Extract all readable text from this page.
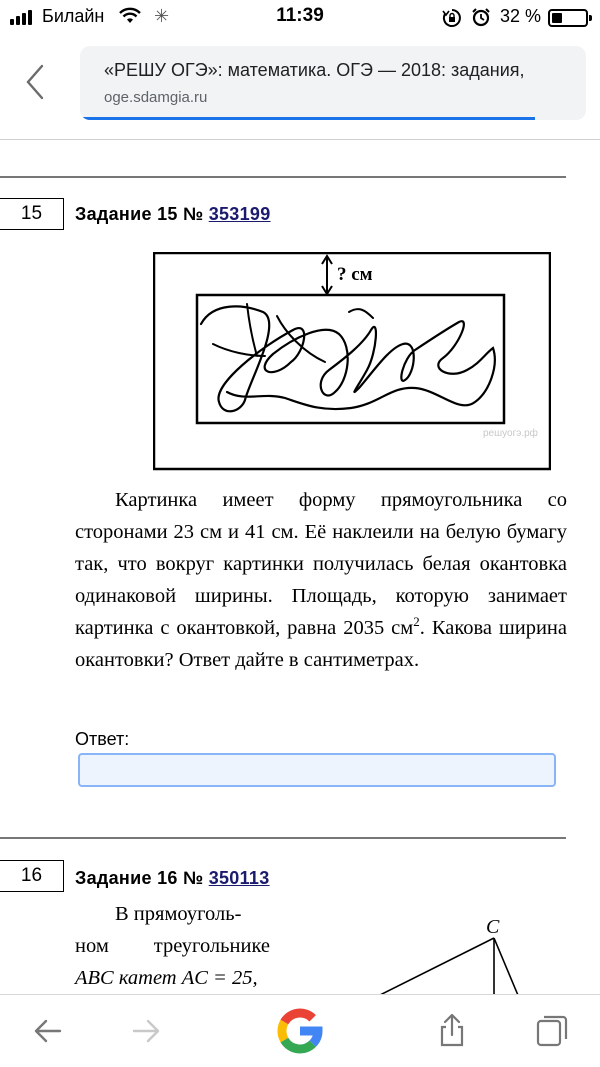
Билайн	✳	11:39	32 %
«РЕШУ ОГЭ»: математика. ОГЭ — 2018: задания,
oge.sdamgia.ru
15	Задание 15 № 353199
? см
решуогэ.рф
Картинка имеет форму прямоугольника со сторонами 23 см и 41 см. Её наклеили на белую бумагу так, что вокруг картинки получилась белая окантовка одинаковой ширины. Площадь, которую занимает картинка с окантовкой, равна 2035 $см^2$. Какова ширина окантовки? Ответ дайте в сантиметрах.
Ответ:
16	Задание 16 № 350113
В прямоуголь-
ном треугольнике
ABC катет AC = 25,
C
